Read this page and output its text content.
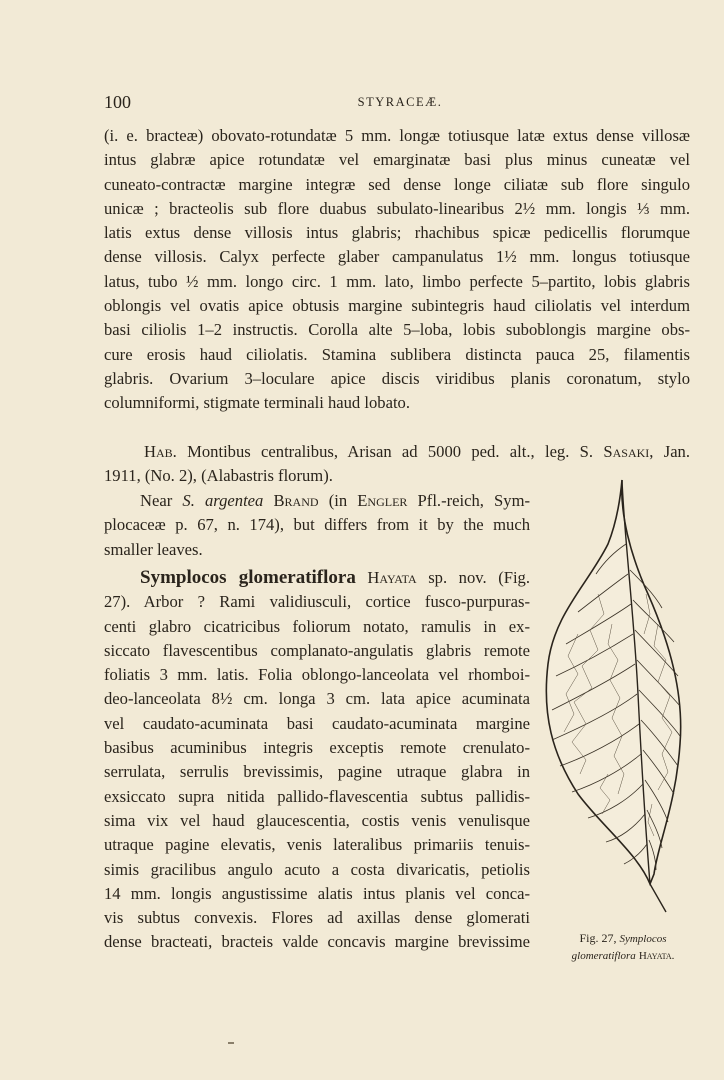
100	STYRACEÆ.
(i. e. bracteæ) obovato-rotundatæ 5 mm. longæ totiusque latæ extus dense villosæ
intus glabræ apice rotundatæ vel emarginatæ basi plus minus cuneatæ vel
cuneato-contractæ margine integræ sed dense longe ciliatæ sub flore singulo
unicæ ; bracteolis sub flore duabus subulato-linearibus 2½ mm. longis ⅓ mm.
latis extus dense villosis intus glabris; rhachibus spicæ pedicellis florumque
dense villosis. Calyx perfecte glaber campanulatus 1½ mm. longus totiusque
latus, tubo ½ mm. longo circ. 1 mm. lato, limbo perfecte 5–partito, lobis glabris
oblongis vel ovatis apice obtusis margine subintegris haud ciliolatis vel interdum
basi ciliolis 1–2 instructis. Corolla alte 5–loba, lobis suboblongis margine obs-
cure erosis haud ciliolatis. Stamina sublibera distincta pauca 25, filamentis
glabris. Ovarium 3–loculare apice discis viridibus planis coronatum, stylo
columniformi, stigmate terminali haud lobato.
Hab. Montibus centralibus, Arisan ad 5000 ped. alt., leg. S. Sasaki, Jan.
1911, (No. 2), (Alabastris florum).
Near S. argentea Brand (in Engler Pfl.-reich, Sym-
plocaceæ p. 67, n. 174), but differs from it by the much
smaller leaves.
Symplocos glomeratiflora Hayata sp. nov. (Fig.
27). Arbor ? Rami validiusculi, cortice fusco-purpuras-
centi glabro cicatricibus foliorum notato, ramulis in ex-
siccato flavescentibus complanato-angulatis glabris remote
foliatis 3 mm. latis. Folia oblongo-lanceolata vel rhomboi-
deo-lanceolata 8½ cm. longa 3 cm. lata apice acuminata
vel caudato-acuminata basi caudato-acuminata margine
basibus acuminibus integris exceptis remote crenulato-
serrulata, serrulis brevissimis, pagine utraque glabra in
exsiccato supra nitida pallido-flavescentia subtus pallidis-
sima vix vel haud glaucescentia, costis venis venulisque
utraque pagine elevatis, venis lateralibus primariis tenuis-
simis gracilibus angulo acuto a costa divaricatis, petiolis
14 mm. longis angustissime alatis intus planis vel conca-
vis subtus convexis. Flores ad axillas dense glomerati
dense bracteati, bracteis valde concavis margine brevissime	Fig. 27, Symplocos
glomeratiflora Hayata.
